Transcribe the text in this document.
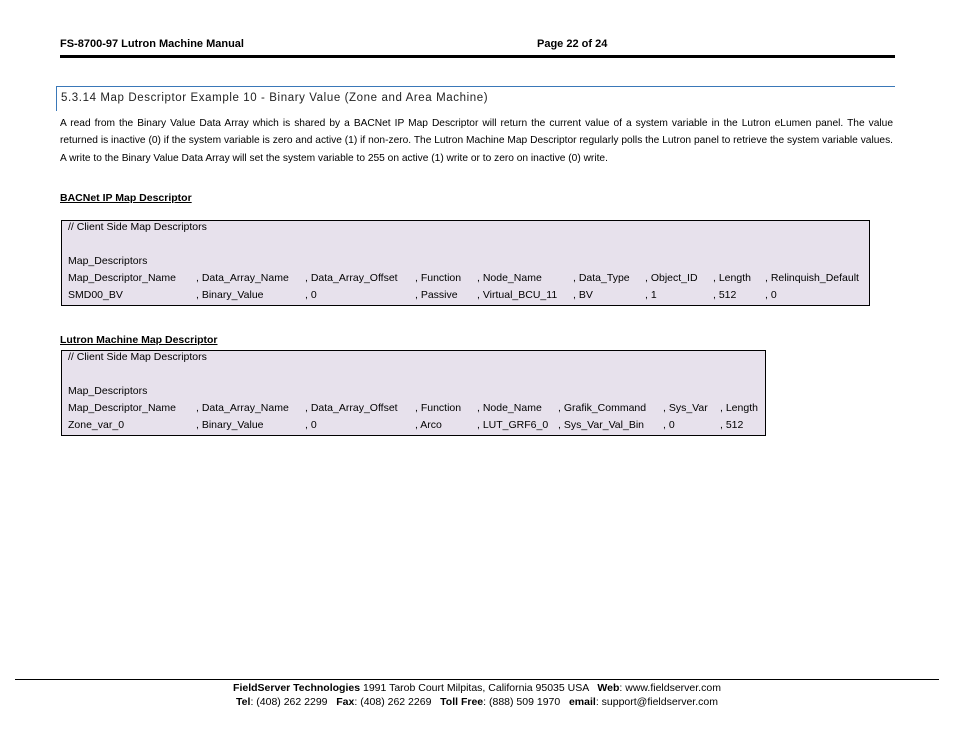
FS-8700-97 Lutron Machine Manual	Page 22 of 24
5.3.14 Map Descriptor Example 10 - Binary Value (Zone and Area Machine)
A read from the Binary Value Data Array which is shared by a BACNet IP Map Descriptor will return the current value of a system variable in the Lutron eLumen panel. The value returned is inactive (0) if the system variable is zero and active (1) if non-zero. The Lutron Machine Map Descriptor regularly polls the Lutron panel to retrieve the system variable values. A write to the Binary Value Data Array will set the system variable to 255 on active (1) write or to zero on inactive (0) write.
BACNet IP Map Descriptor
// Client Side Map Descriptors
Map_Descriptors
Map_Descriptor_Name , Data_Array_Name , Data_Array_Offset , Function , Node_Name	, Data_Type , Object_ID , Length , Relinquish_Default
SMD00_BV	, Binary_Value	, 0	, Passive , Virtual_BCU_11 , BV	, 1	, 512	, 0
Lutron Machine Map Descriptor
// Client Side Map Descriptors
Map_Descriptors
Map_Descriptor_Name , Data_Array_Name , Data_Array_Offset , Function , Node_Name , Grafik_Command , Sys_Var , Length
Zone_var_0	, Binary_Value	, 0	, Arco	, LUT_GRF6_0 , Sys_Var_Val_Bin , 0	, 512
FieldServer Technologies 1991 Tarob Court Milpitas, California 95035 USA   Web: www.fieldserver.com
Tel: (408) 262 2299   Fax: (408) 262 2269   Toll Free: (888) 509 1970   email: support@fieldserver.com
